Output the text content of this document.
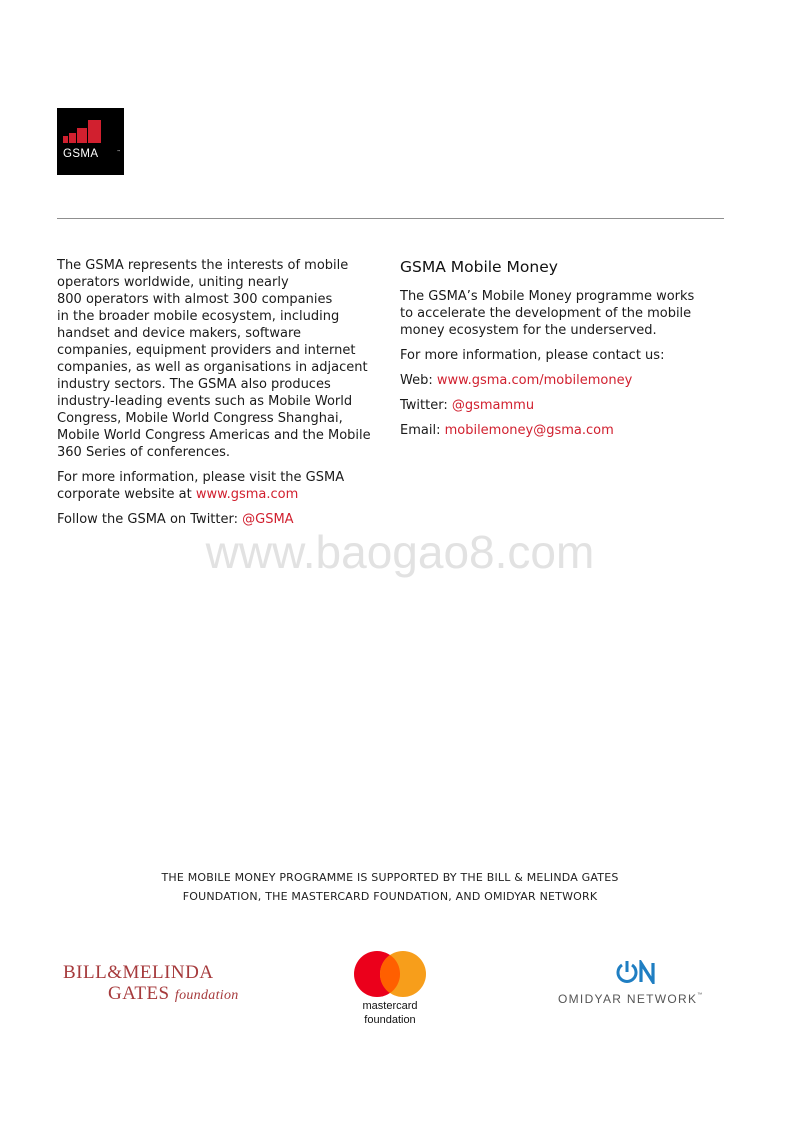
GSMA	™

The GSMA represents the interests of mobile
operators worldwide, uniting nearly
800 operators with almost 300 companies
in the broader mobile ecosystem, including
handset and device makers, software
companies, equipment providers and internet
companies, as well as organisations in adjacent
industry sectors. The GSMA also produces
industry-leading events such as Mobile World
Congress, Mobile World Congress Shanghai,
Mobile World Congress Americas and the Mobile
360 Series of conferences.

For more information, please visit the GSMA
corporate website at www.gsma.com

Follow the GSMA on Twitter: @GSMA

GSMA Mobile Money

The GSMA’s Mobile Money programme works
to accelerate the development of the mobile
money ecosystem for the underserved.

For more information, please contact us:

Web: www.gsma.com/mobilemoney

Twitter: @gsmammu

Email: mobilemoney@gsma.com

www.baogao8.com
THE MOBILE MONEY PROGRAMME IS SUPPORTED BY THE BILL & MELINDA GATES
FOUNDATION, THE MASTERCARD FOUNDATION, AND OMIDYAR NETWORK
BILL&MELINDA
GATES foundation
mastercard
foundation
OMIDYAR NETWORK™
